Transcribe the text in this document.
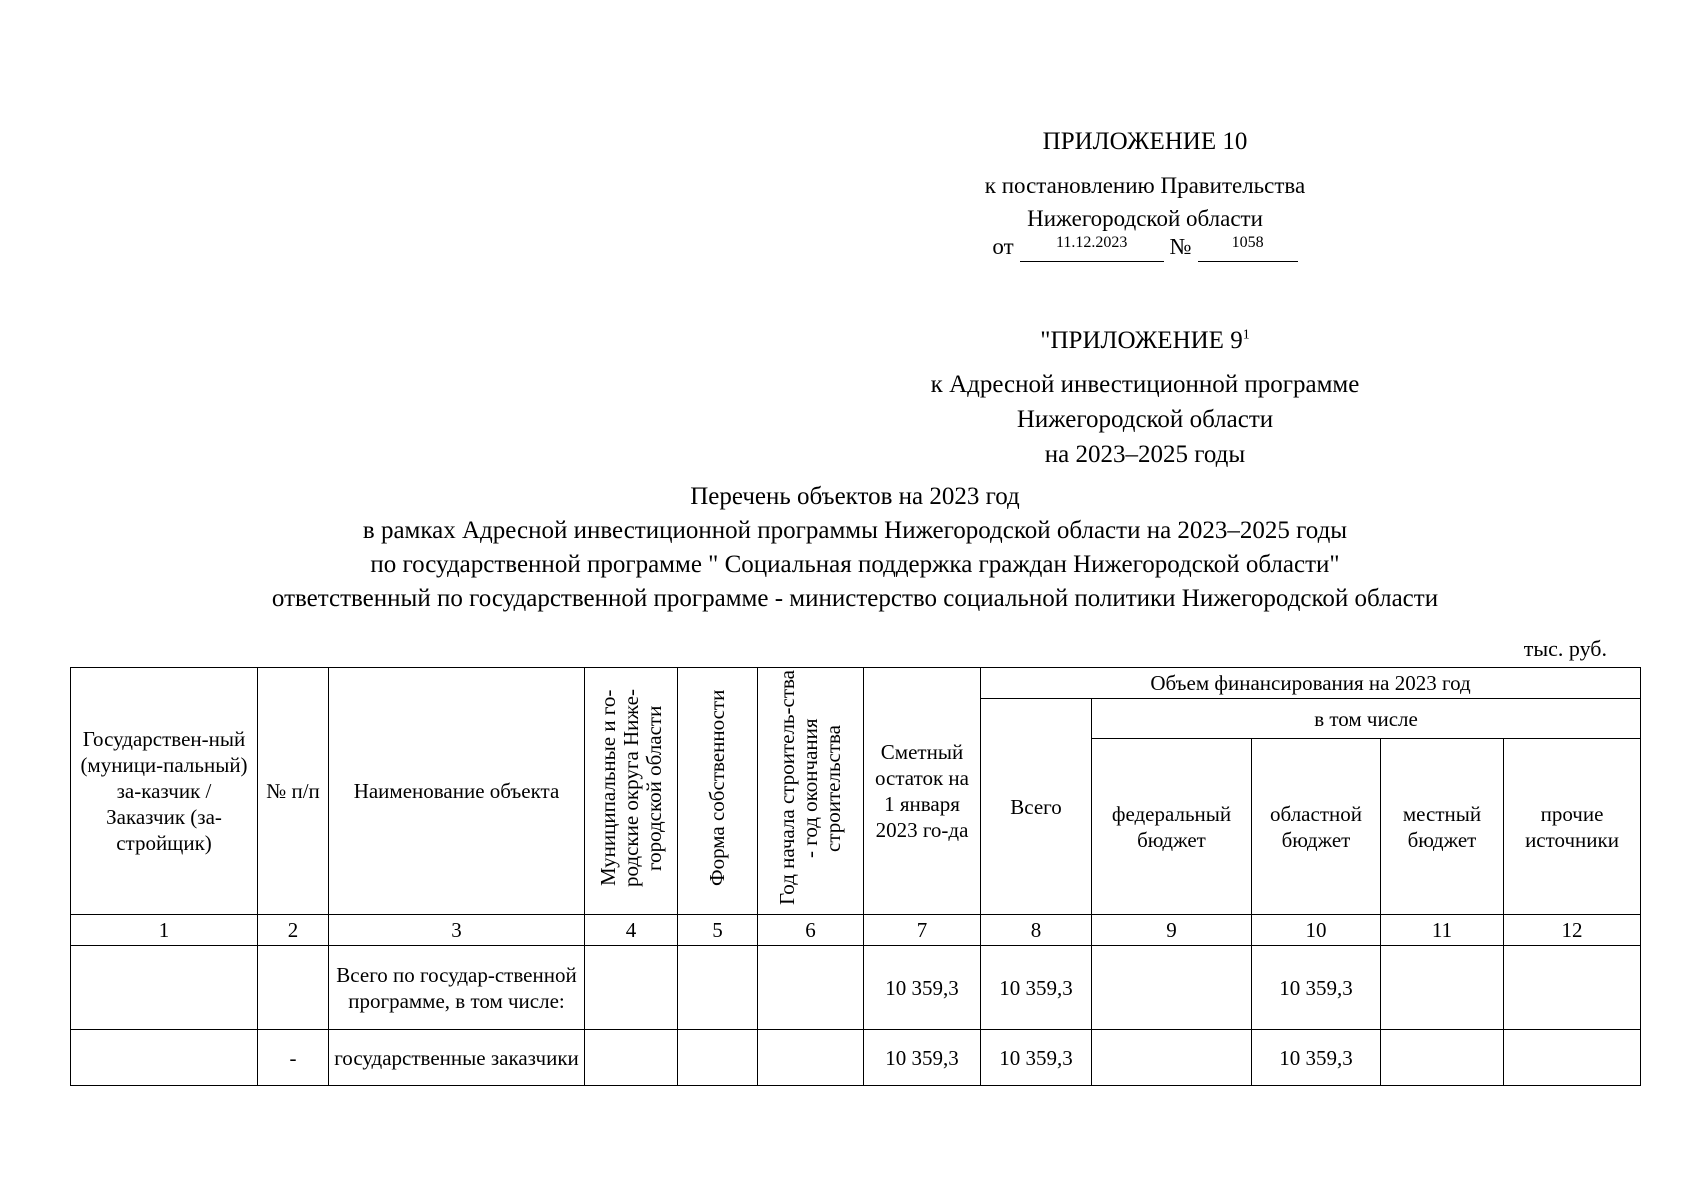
ПРИЛОЖЕНИЕ 10
к постановлению Правительства
Нижегородской области
от	11.12.2023	№	1058
"ПРИЛОЖЕНИЕ $9^1$
к Адресной инвестиционной программе
Нижегородской области
на 2023–2025 годы
Перечень объектов на 2023 год
в рамках Адресной инвестиционной программы Нижегородской области на 2023–2025 годы
по государственной программе " Социальная поддержка граждан Нижегородской области"
ответственный по государственной программе - министерство социальной политики Нижегородской области
тыс. руб.
Государствен-ный (муници-пальный) за-казчик / Заказчик (за-стройщик)	№ п/п	Наименование объекта	Муниципальные и го-родские округа Ниже-городской области	Форма собственности	Год начала строитель-ства - год окончания строительства	Сметный остаток на 1 января 2023 го-да	Объем финансирования на 2023 год				
							Всего	в том числе			
								федеральный бюджет	областной бюджет	местный бюджет	прочие источники
1	2	3	4	5	6	7	8	9	10	11	12
		Всего по государ-ственной программе, в том числе:				10 359,3	10 359,3		10 359,3		
	-	государственные заказчики				10 359,3	10 359,3		10 359,3		
